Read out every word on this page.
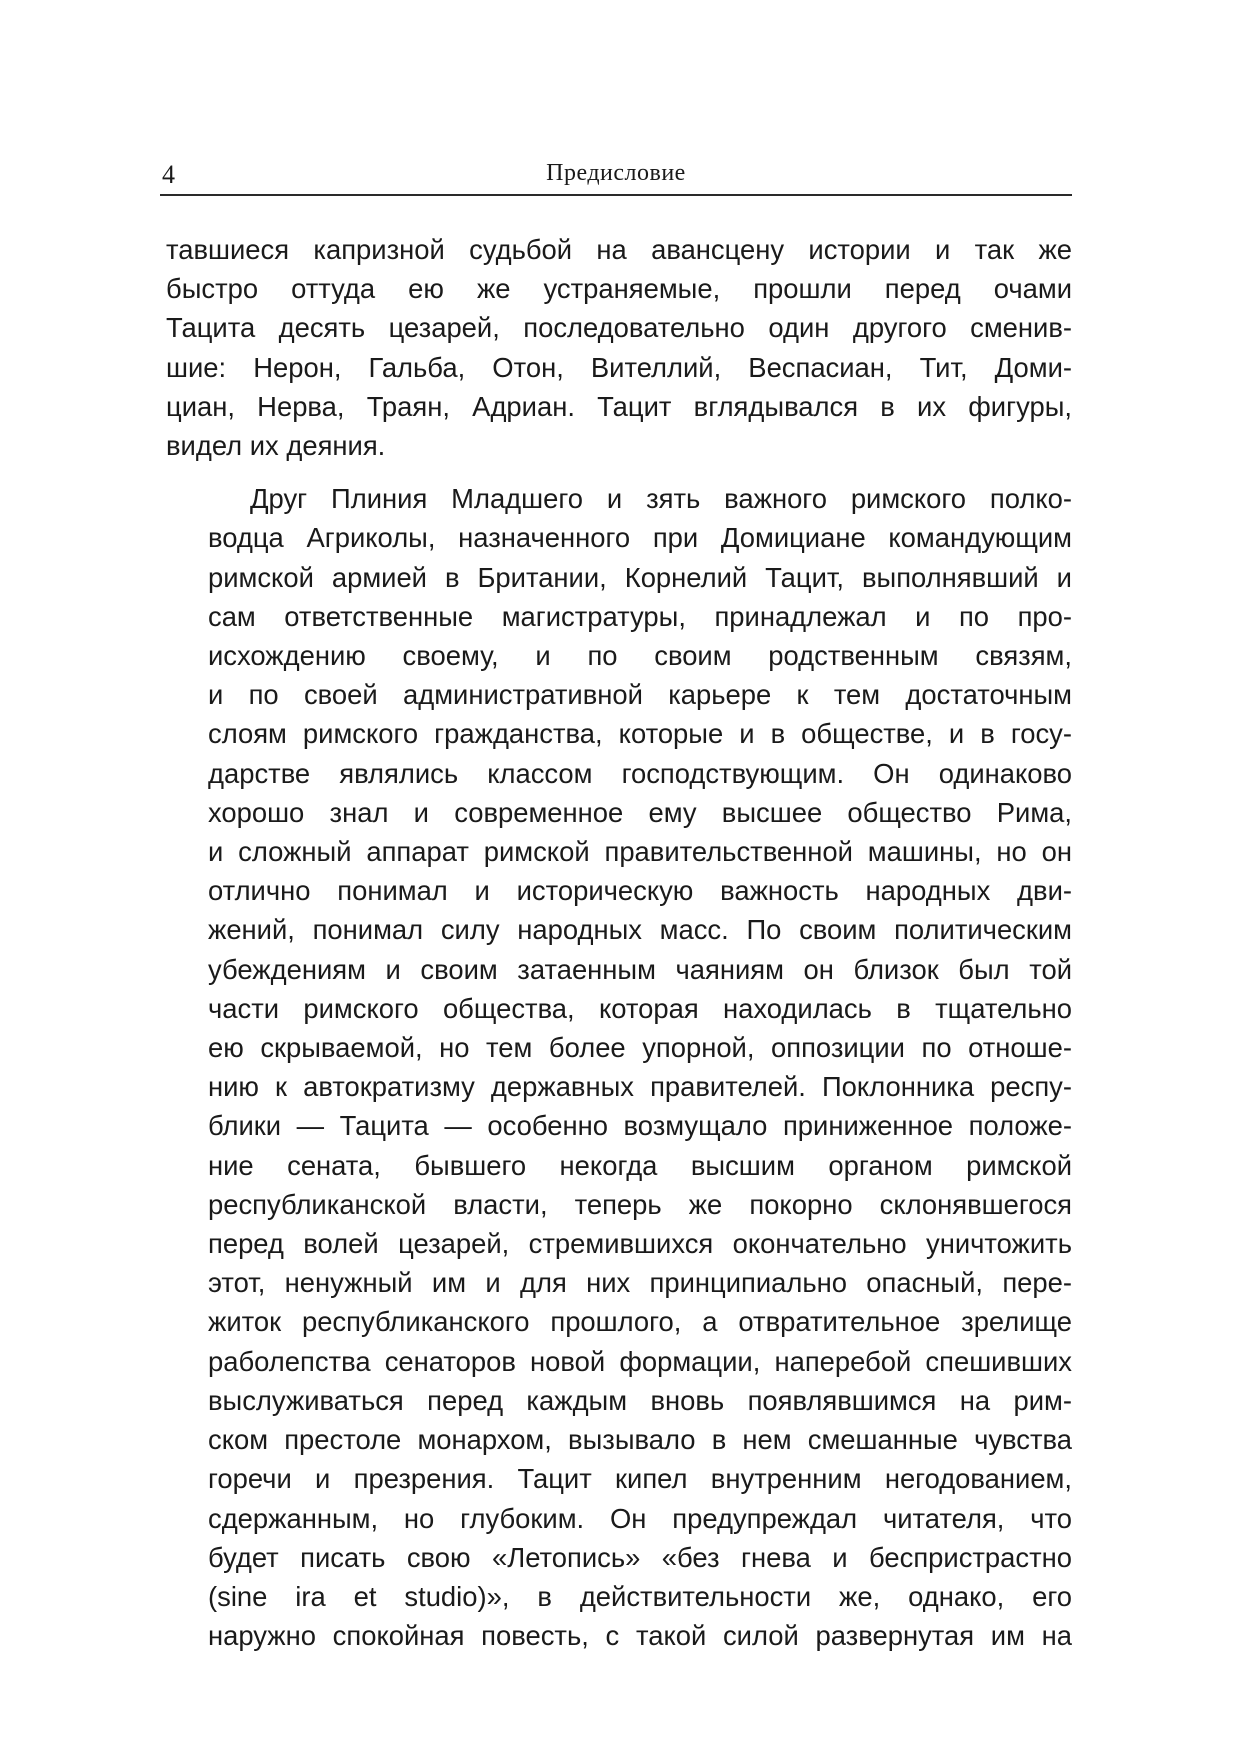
4	Предисловие
тавшиеся капризной судьбой на авансцену истории и так же
быстро оттуда ею же устраняемые, прошли перед очами
Тацита десять цезарей, последовательно один другого сменив-
шие: Нерон, Гальба, Отон, Вителлий, Веспасиан, Тит, Доми-
циан, Нерва, Траян, Адриан. Тацит вглядывался в их фигуры,
видел их деяния.
Друг Плиния Младшего и зять важного римского полко-
водца Агриколы, назначенного при Домициане командующим
римской армией в Британии, Корнелий Тацит, выполнявший и
сам ответственные магистратуры, принадлежал и по про-
исхождению своему, и по своим родственным связям,
и по своей административной карьере к тем достаточным
слоям римского гражданства, которые и в обществе, и в госу-
дарстве являлись классом господствующим. Он одинаково
хорошо знал и современное ему высшее общество Рима,
и сложный аппарат римской правительственной машины, но он
отлично понимал и историческую важность народных дви-
жений, понимал силу народных масс. По своим политическим
убеждениям и своим затаенным чаяниям он близок был той
части римского общества, которая находилась в тщательно
ею скрываемой, но тем более упорной, оппозиции по отноше-
нию к автократизму державных правителей. Поклонника респу-
блики — Тацита — особенно возмущало приниженное положе-
ние сената, бывшего некогда высшим органом римской
республиканской власти, теперь же покорно склонявшегося
перед волей цезарей, стремившихся окончательно уничтожить
этот, ненужный им и для них принципиально опасный, пере-
житок республиканского прошлого, а отвратительное зрелище
раболепства сенаторов новой формации, наперебой спешивших
выслуживаться перед каждым вновь появлявшимся на рим-
ском престоле монархом, вызывало в нем смешанные чувства
горечи и презрения. Тацит кипел внутренним негодованием,
сдержанным, но глубоким. Он предупреждал читателя, что
будет писать свою «Летопись» «без гнева и беспристрастно
(sine ira et studio)», в действительности же, однако, его
наружно спокойная повесть, с такой силой развернутая им на
